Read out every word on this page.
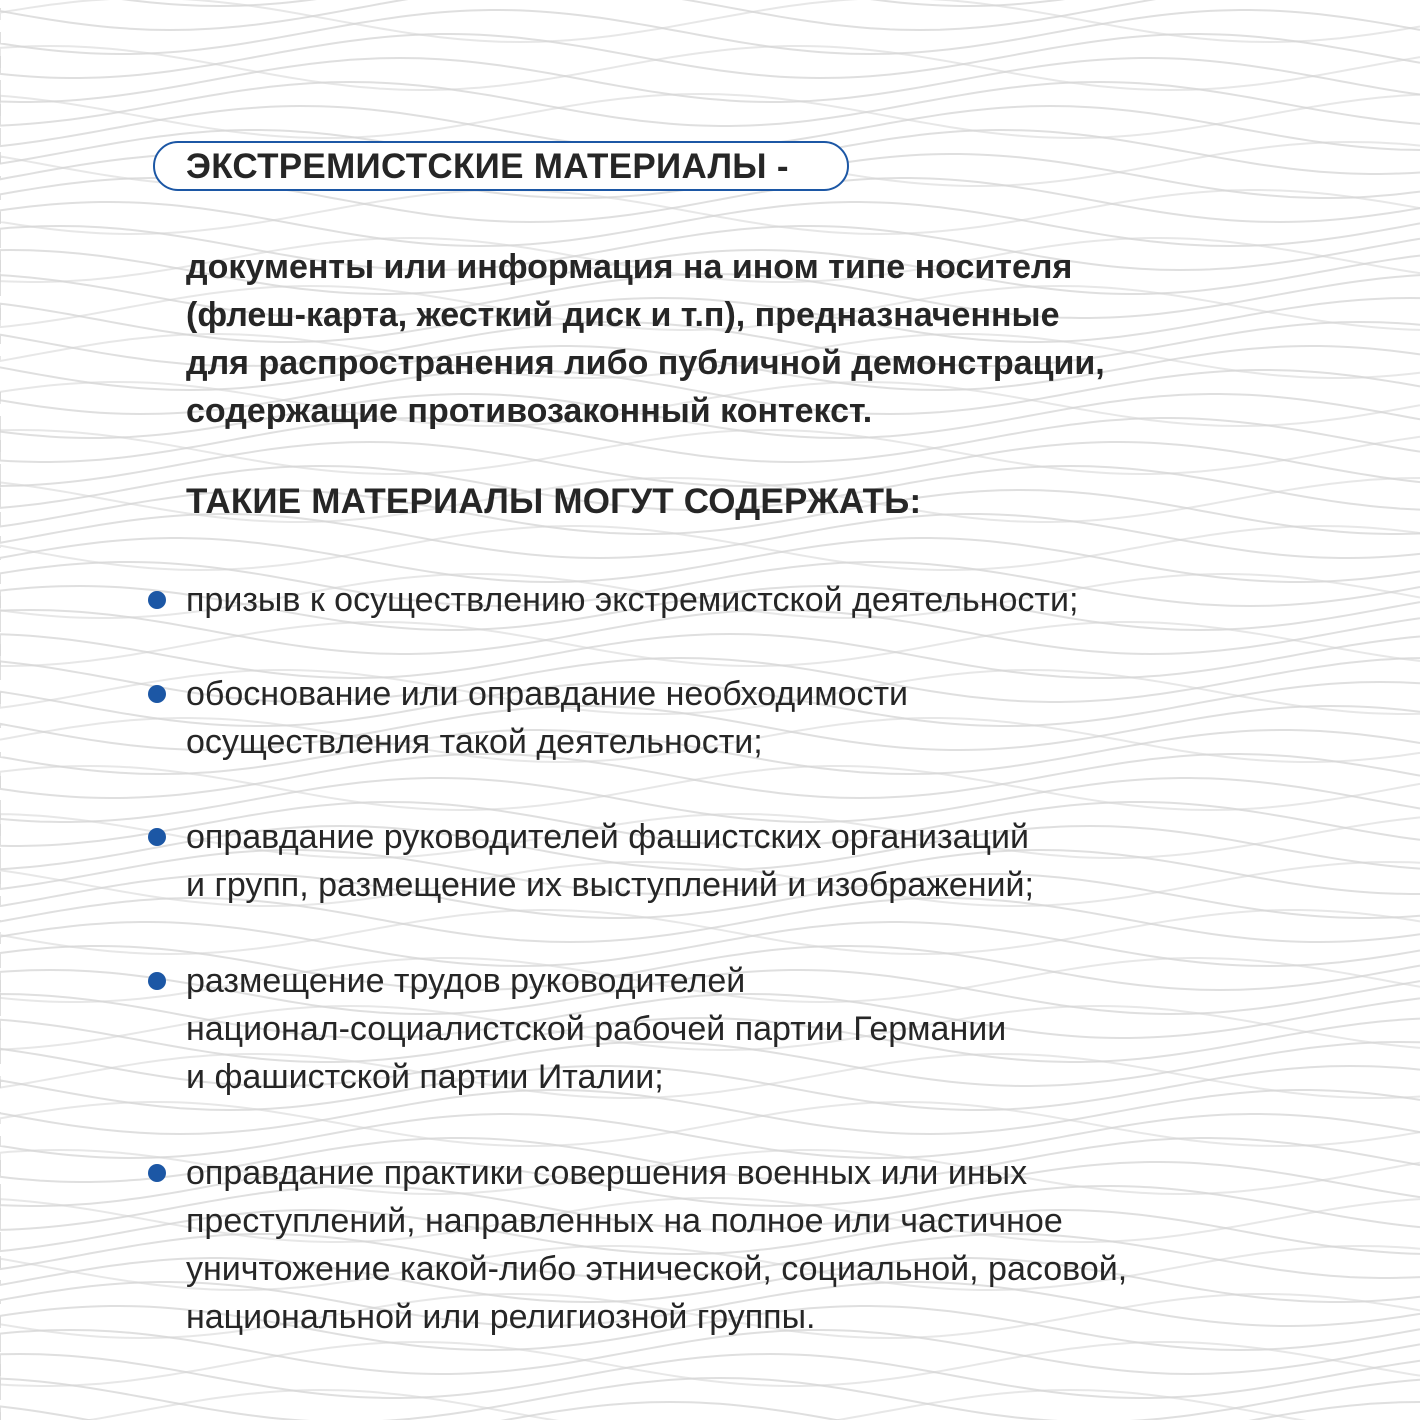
ЭКСТРЕМИСТСКИЕ МАТЕРИАЛЫ -
документы или информация на ином типе носителя
(флеш-карта, жесткий диск и т.п), предназначенные
для распространения либо публичной демонстрации,
содержащие противозаконный контекст.
ТАКИЕ МАТЕРИАЛЫ МОГУТ СОДЕРЖАТЬ:
призыв к осуществлению экстремистской деятельности;
обоснование или оправдание необходимости
осуществления такой деятельности;
оправдание руководителей фашистских организаций
и групп, размещение их выступлений и изображений;
размещение трудов руководителей
национал-социалистской рабочей партии Германии
и фашистской партии Италии;
оправдание практики совершения военных или иных
преступлений, направленных на полное или частичное
уничтожение какой-либо этнической, социальной, расовой,
национальной или религиозной группы.
